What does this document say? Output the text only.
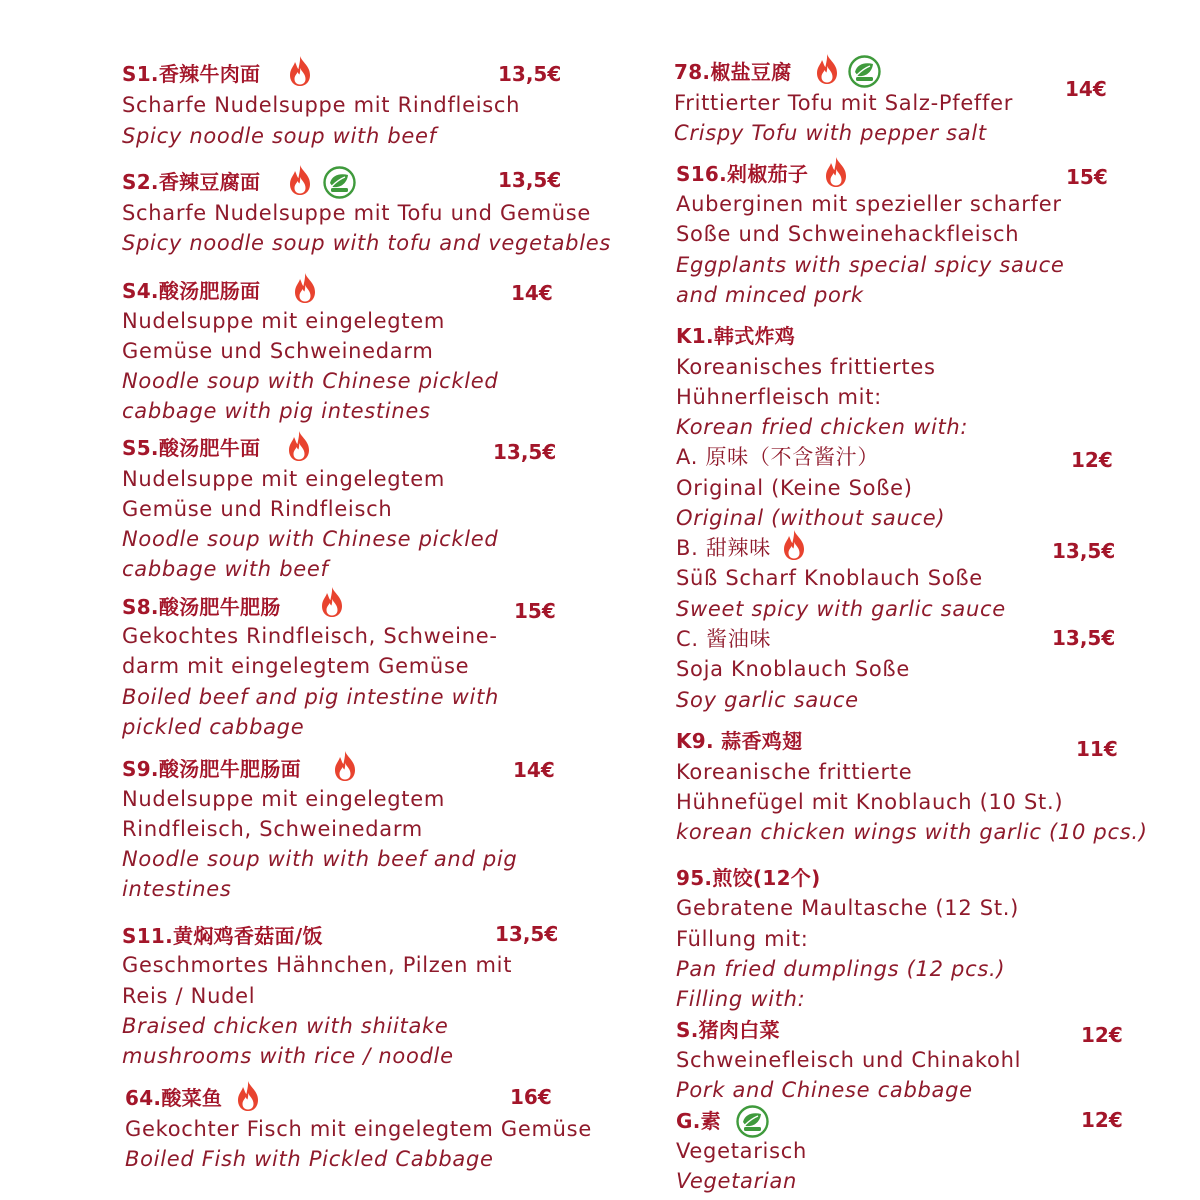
S1.香辣牛肉面	13,5€
Scharfe Nudelsuppe mit Rindfleisch
Spicy noodle soup with beef
S2.香辣豆腐面	13,5€
Scharfe Nudelsuppe mit Tofu und Gemüse
Spicy noodle soup with tofu and vegetables
S4.酸汤肥肠面	14€
Nudelsuppe mit eingelegtem
Gemüse und Schweinedarm
Noodle soup with Chinese pickled
cabbage with pig intestines
S5.酸汤肥牛面	13,5€
Nudelsuppe mit eingelegtem
Gemüse und Rindfleisch
Noodle soup with Chinese pickled
cabbage with beef
S8.酸汤肥牛肥肠	15€
Gekochtes Rindfleisch, Schweine-
darm mit eingelegtem Gemüse
Boiled beef and pig intestine with
pickled cabbage
S9.酸汤肥牛肥肠面	14€
Nudelsuppe mit eingelegtem
Rindfleisch, Schweinedarm
Noodle soup with with beef and pig
intestines
S11.黄焖鸡香菇面/饭	13,5€
Geschmortes Hähnchen, Pilzen mit
Reis / Nudel
Braised chicken with shiitake
mushrooms with rice / noodle
64.酸菜鱼	16€
Gekochter Fisch mit eingelegtem Gemüse
Boiled Fish with Pickled Cabbage
78.椒盐豆腐
14€
Frittierter Tofu mit Salz-Pfeffer
Crispy Tofu with pepper salt
S16.剁椒茄子	15€
Auberginen mit spezieller scharfer
Soße und Schweinehackfleisch
Eggplants with special spicy sauce
and minced pork
K1.韩式炸鸡
Koreanisches frittiertes
Hühnerfleisch mit:
Korean fried chicken with:
A. 原味（不含酱汁）	12€
Original (Keine Soße)
Original (without sauce)
B. 甜辣味	13,5€
Süß Scharf Knoblauch Soße
Sweet spicy with garlic sauce
C. 酱油味	13,5€
Soja Knoblauch Soße
Soy garlic sauce
K9. 蒜香鸡翅	11€
Koreanische frittierte
Hühnefügel mit Knoblauch (10 St.)
korean chicken wings with garlic (10 pcs.)
95.煎饺(12个)
Gebratene Maultasche (12 St.)
Füllung mit:
Pan fried dumplings (12 pcs.)
Filling with:
S.猪肉白菜	12€
Schweinefleisch und Chinakohl
Pork and Chinese cabbage
G.素	12€
Vegetarisch
Vegetarian
